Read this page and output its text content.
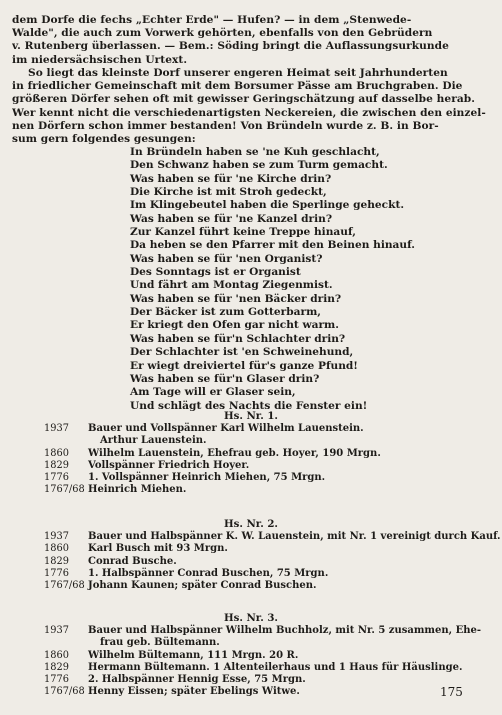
dem Dorfe die fechs „Echter Erde" — Hufen? — in dem „Stenwede-
Walde", die auch zum Vorwerk gehörten, ebenfalls von den Gebrüdern
v. Rutenberg überlassen. — Bem.: Söding bringt die Auflassungsurkunde
im niedersächsischen Urtext.
So liegt das kleinste Dorf unserer engeren Heimat seit Jahrhunderten
in friedlicher Gemeinschaft mit dem Borsumer Pässe am Bruchgraben. Die
größeren Dörfer sehen oft mit gewisser Geringschätzung auf dasselbe herab.
Wer kennt nicht die verschiedenartigsten Neckereien, die zwischen den einzel-
nen Dörfern schon immer bestanden! Von Bründeln wurde z. B. in Bor-
sum gern folgendes gesungen:
In Bründeln haben se 'ne Kuh geschlacht,
Den Schwanz haben se zum Turm gemacht.
Was haben se für 'ne Kirche drin?
Die Kirche ist mit Stroh gedeckt,
Im Klingebeutel haben die Sperlinge geheckt.
Was haben se für 'ne Kanzel drin?
Zur Kanzel führt keine Treppe hinauf,
Da heben se den Pfarrer mit den Beinen hinauf.
Was haben se für 'nen Organist?
Des Sonntags ist er Organist
Und fährt am Montag Ziegenmist.
Was haben se für 'nen Bäcker drin?
Der Bäcker ist zum Gotterbarm,
Er kriegt den Ofen gar nicht warm.
Was haben se für'n Schlachter drin?
Der Schlachter ist 'en Schweinehund,
Er wiegt dreiviertel für's ganze Pfund!
Was haben se für'n Glaser drin?
Am Tage will er Glaser sein,
Und schlägt des Nachts die Fenster ein!
Hs. Nr. 1.
1937	Bauer und Vollspänner Karl Wilhelm Lauenstein.
Arthur Lauenstein.
1860	Wilhelm Lauenstein, Ehefrau geb. Hoyer, 190 Mrgn.
1829	Vollspänner Friedrich Hoyer.
1776	1. Vollspänner Heinrich Miehen, 75 Mrgn.
1767/68 Heinrich Miehen.
Hs. Nr. 2.
1937	Bauer und Halbspänner K. W. Lauenstein, mit Nr. 1 vereinigt durch Kauf.
1860	Karl Busch mit 93 Mrgn.
1829	Conrad Busche.
1776	1. Halbspänner Conrad Buschen, 75 Mrgn.
1767/68 Johann Kaunen; später Conrad Buschen.
Hs. Nr. 3.
1937	Bauer und Halbspänner Wilhelm Buchholz, mit Nr. 5 zusammen, Ehe-
frau geb. Bültemann.
1860	Wilhelm Bültemann, 111 Mrgn. 20 R.
1829	Hermann Bültemann. 1 Altenteilerhaus und 1 Haus für Häuslinge.
1776	2. Halbspänner Hennig Esse, 75 Mrgn.
1767/68 Henny Eissen; später Ebelings Witwe.	175
